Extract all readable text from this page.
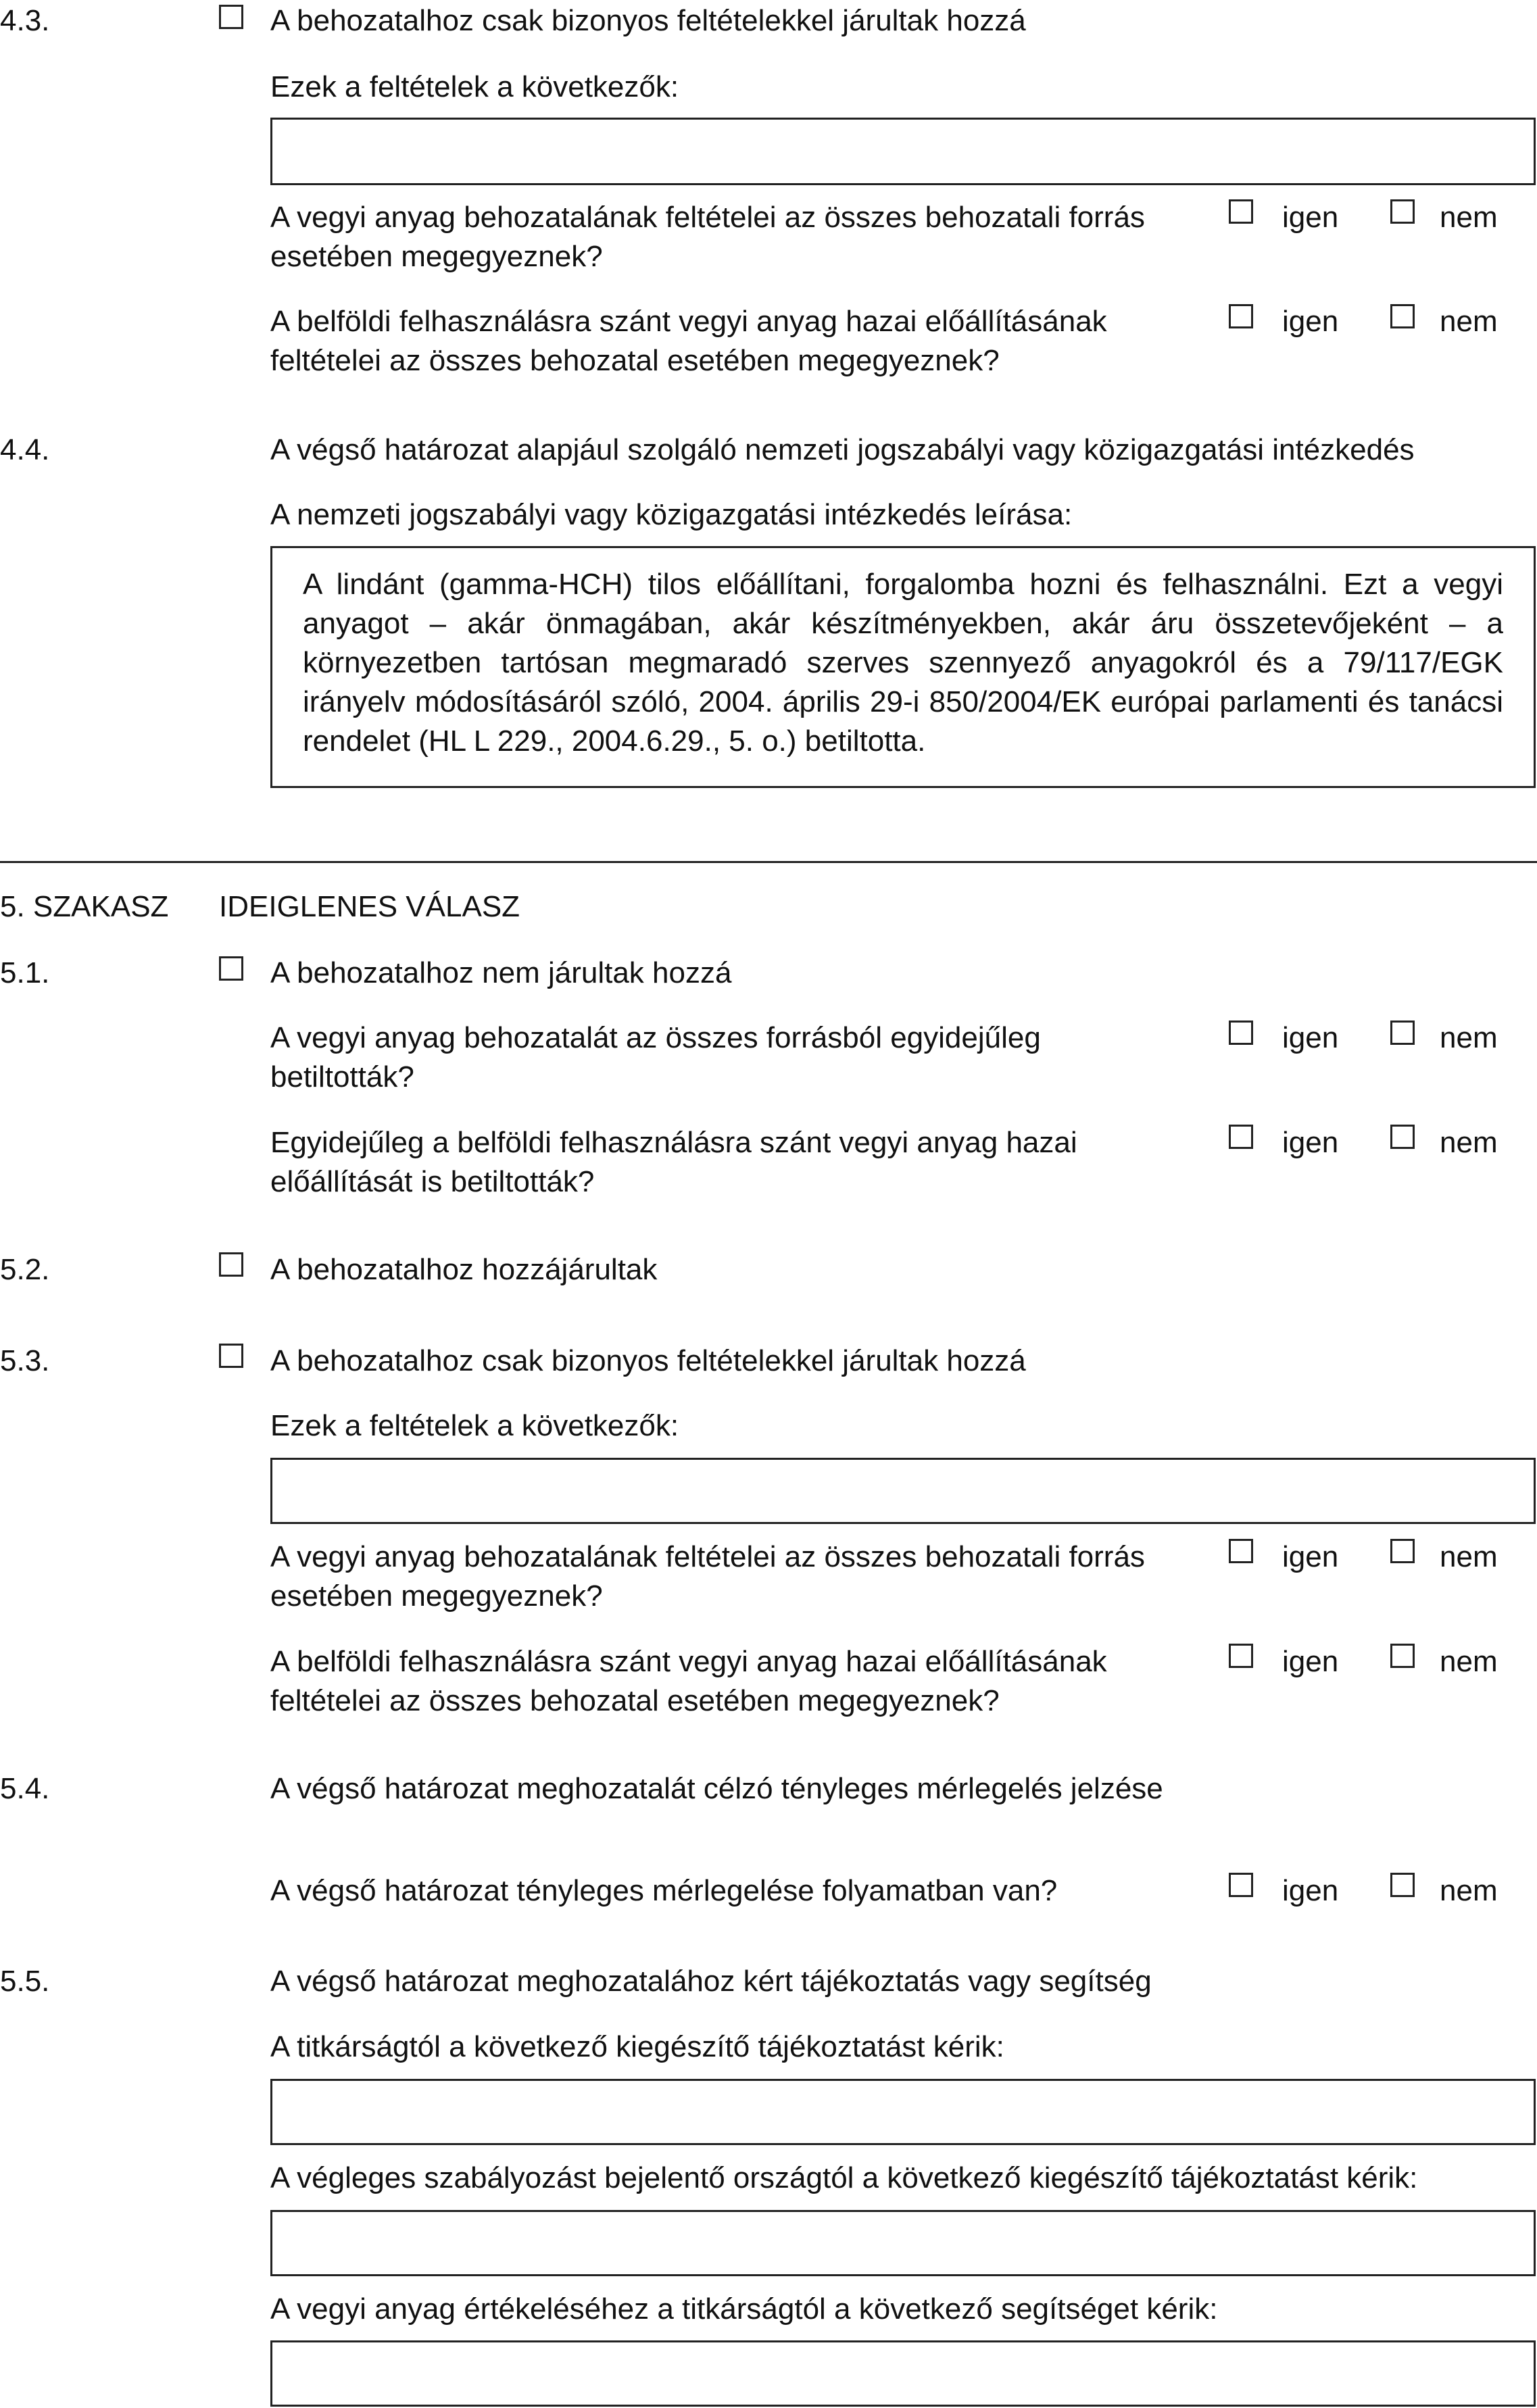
4.3.	A behozatalhoz csak bizonyos feltételekkel járultak hozzá
Ezek a feltételek a következők:
A vegyi anyag behozatalának feltételei az összes behozatali forrás esetében megegyeznek?
igen	nem
A belföldi felhasználásra szánt vegyi anyag hazai előállításának feltételei az összes behozatal esetében megegyeznek?
igen	nem
4.4.	A végső határozat alapjául szolgáló nemzeti jogszabályi vagy közigazgatási intézkedés
A nemzeti jogszabályi vagy közigazgatási intézkedés leírása:
A lindánt (gamma-HCH) tilos előállítani, forgalomba hozni és felhasználni. Ezt a vegyi anyagot – akár önmagában, akár készítményekben, akár áru összetevőjeként – a környezetben tartósan megmaradó szerves szennyező anyagokról és a 79/117/EGK irányelv módosításáról szóló, 2004. április 29-i 850/2004/EK európai parlamenti és tanácsi rendelet (HL L 229., 2004.6.29., 5. o.) betiltotta.
5. SZAKASZ IDEIGLENES VÁLASZ
5.1.	A behozatalhoz nem járultak hozzá
A vegyi anyag behozatalát az összes forrásból egyidejűleg betiltották?
igen	nem
Egyidejűleg a belföldi felhasználásra szánt vegyi anyag hazai előállítását is betiltották?
igen	nem
5.2.	A behozatalhoz hozzájárultak
5.3.	A behozatalhoz csak bizonyos feltételekkel járultak hozzá
Ezek a feltételek a következők:
A vegyi anyag behozatalának feltételei az összes behozatali forrás esetében megegyeznek?
igen	nem
A belföldi felhasználásra szánt vegyi anyag hazai előállításának feltételei az összes behozatal esetében megegyeznek?
igen	nem
5.4.	A végső határozat meghozatalát célzó tényleges mérlegelés jelzése
A végső határozat tényleges mérlegelése folyamatban van?	igen	nem
5.5.	A végső határozat meghozatalához kért tájékoztatás vagy segítség
A titkárságtól a következő kiegészítő tájékoztatást kérik:
A végleges szabályozást bejelentő országtól a következő kiegészítő tájékoztatást kérik:
A vegyi anyag értékeléséhez a titkárságtól a következő segítséget kérik:
